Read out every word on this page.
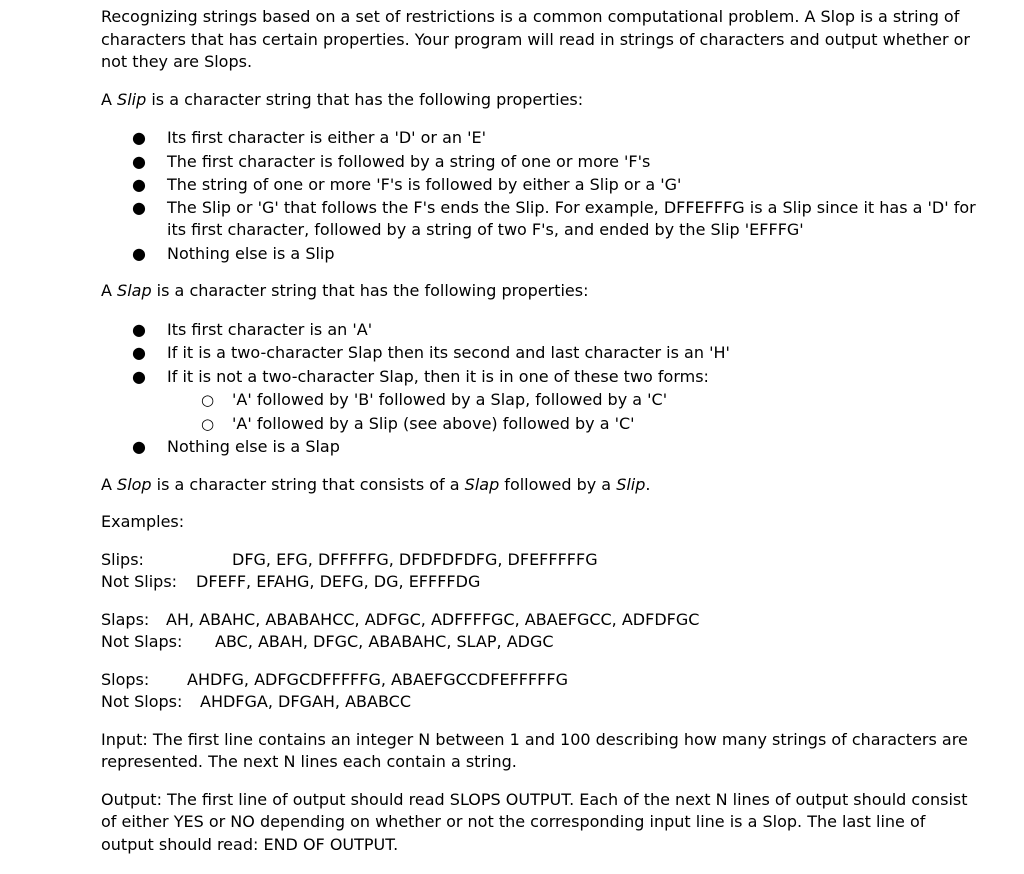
Recognizing strings based on a set of restrictions is a common computational problem. A Slop is a string of characters that has certain properties. Your program will read in strings of characters and output whether or not they are Slops.

A Slip is a character string that has the following properties:

● Its first character is either a 'D' or an 'E'
● The first character is followed by a string of one or more 'F's
● The string of one or more 'F's is followed by either a Slip or a 'G'
● The Slip or 'G' that follows the F's ends the Slip. For example, DFFEFFFG is a Slip since it has a 'D' for its first character, followed by a string of two F's, and ended by the Slip 'EFFFG'
● Nothing else is a Slip

A Slap is a character string that has the following properties:

● Its first character is an 'A'
● If it is a two-character Slap then its second and last character is an 'H'
● If it is not a two-character Slap, then it is in one of these two forms:
○ 'A' followed by 'B' followed by a Slap, followed by a 'C'
○ 'A' followed by a Slip (see above) followed by a 'C'
● Nothing else is a Slap

A Slop is a character string that consists of a Slap followed by a Slip.

Examples:

Slips:	DFG, EFG, DFFFFFG, DFDFDFDFG, DFEFFFFFG
Not Slips:	DFEFF, EFAHG, DEFG, DG, EFFFFDG
Slaps:	AH, ABAHC, ABABAHCC, ADFGC, ADFFFFGC, ABAEFGCC, ADFDFGC
Not Slaps:	ABC, ABAH, DFGC, ABABAHC, SLAP, ADGC
Slops:	AHDFG, ADFGCDFFFFFG, ABAEFGCCDFEFFFFFG
Not Slops:	AHDFGA, DFGAH, ABABCC

Input: The first line contains an integer N between 1 and 100 describing how many strings of characters are represented. The next N lines each contain a string.

Output: The first line of output should read SLOPS OUTPUT. Each of the next N lines of output should consist of either YES or NO depending on whether or not the corresponding input line is a Slop. The last line of output should read: END OF OUTPUT.
